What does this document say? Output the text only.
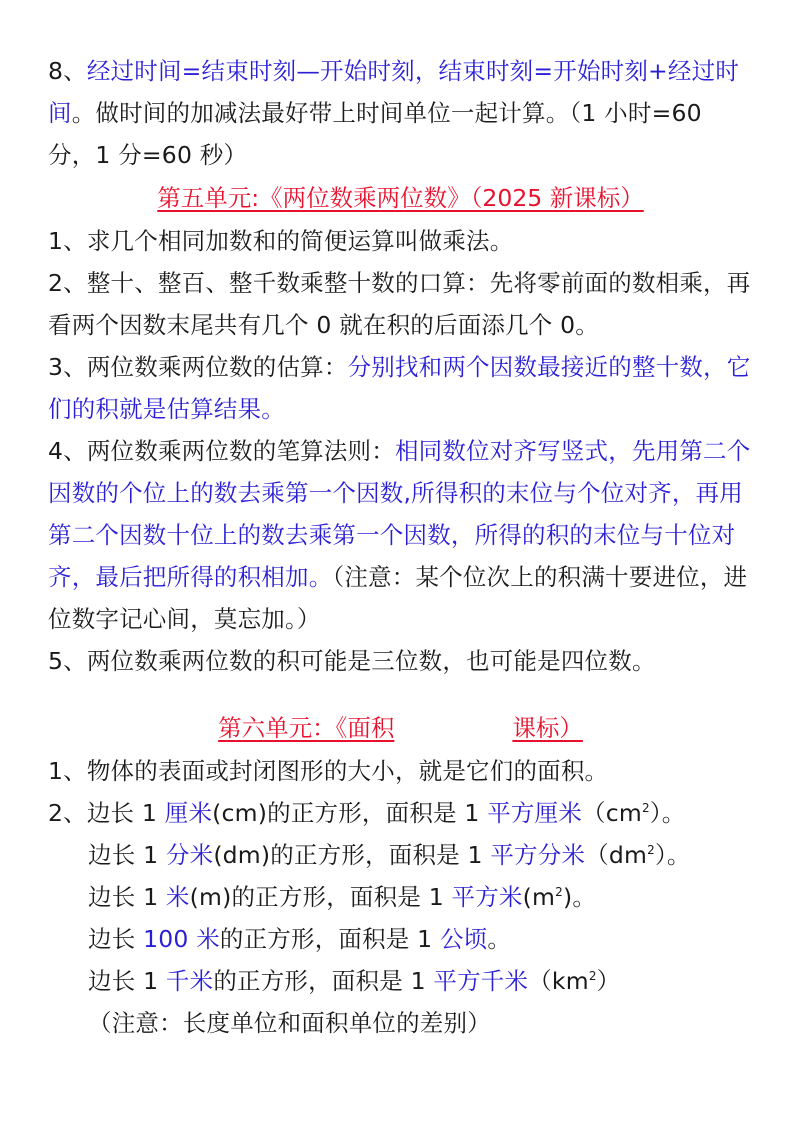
8、经过时间=结束时刻—开始时刻，结束时刻=开始时刻+经过时间。做时间的加减法最好带上时间单位一起计算。（1 小时=60 分，1 分=60 秒）
第五单元:《两位数乘两位数》（2025 新课标）
1、求几个相同加数和的简便运算叫做乘法。
2、整十、整百、整千数乘整十数的口算：先将零前面的数相乘，再看两个因数末尾共有几个 0 就在积的后面添几个 0。
3、两位数乘两位数的估算：分别找和两个因数最接近的整十数，它们的积就是估算结果。
4、两位数乘两位数的笔算法则：相同数位对齐写竖式，先用第二个因数的个位上的数去乘第一个因数,所得积的末位与个位对齐，再用第二个因数十位上的数去乘第一个因数，所得的积的末位与十位对齐，最后把所得的积相加。（注意：某个位次上的积满十要进位，进位数字记心间，莫忘加。）
5、两位数乘两位数的积可能是三位数，也可能是四位数。
第六单元：《面积	课标）
1、物体的表面或封闭图形的大小，就是它们的面积。
2、边长 1 厘米(cm)的正方形，面积是 1 平方厘米$(cm^2)$。
边长 1 分米(dm)的正方形，面积是 1 平方分米$(dm^2)$。
边长 1 米(m)的正方形，面积是 1 平方米$(m^2)$。
边长 100 米的正方形，面积是 1 公顷。
边长 1 千米的正方形，面积是 1 平方千米$(km^2)$
（注意：长度单位和面积单位的差别）
